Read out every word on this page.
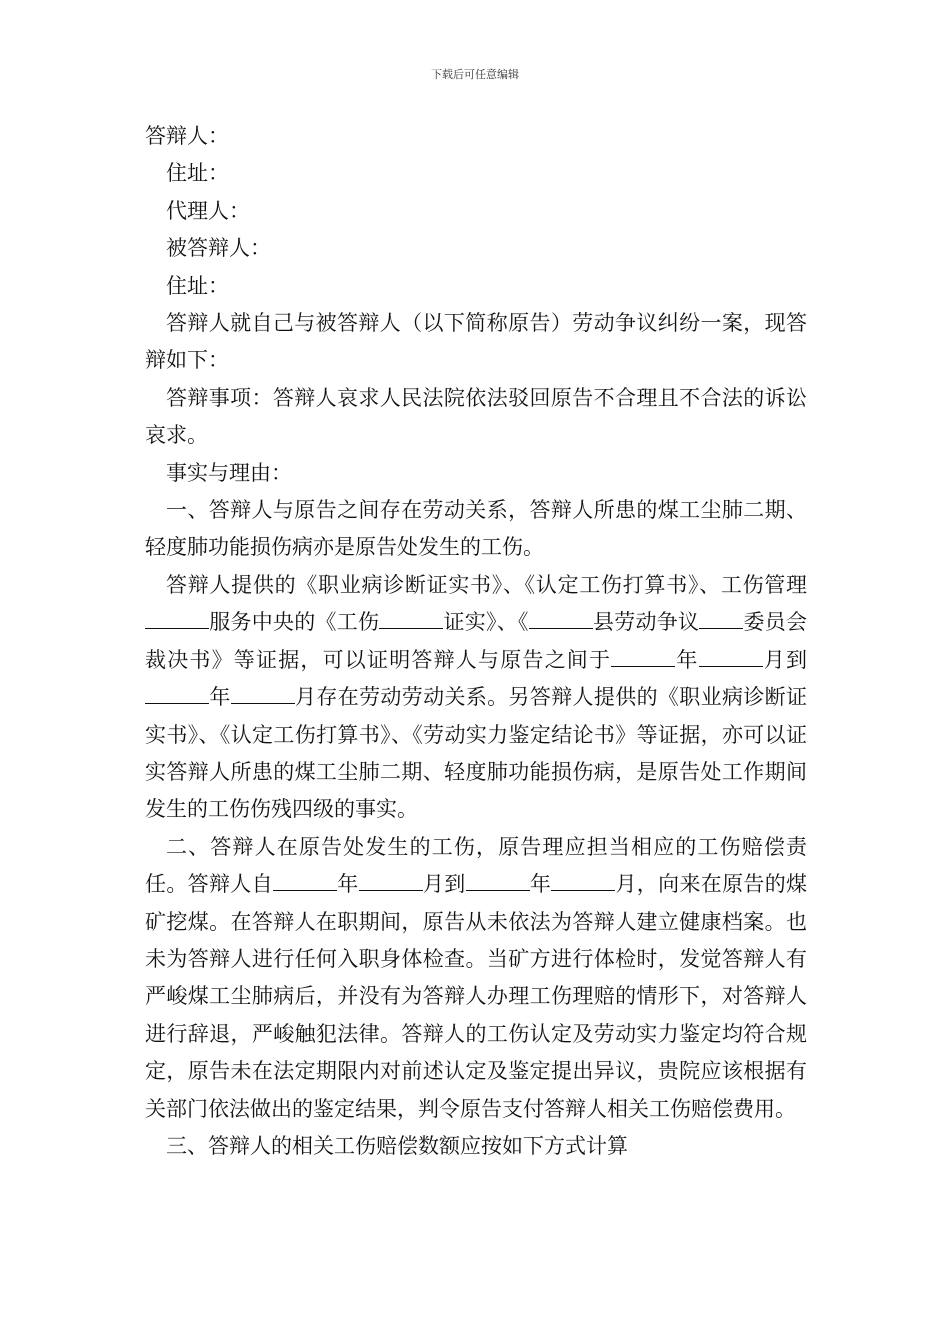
下载后可任意编辑

答辩人：

住址：

代理人：

被答辩人：

住址：

答辩人就自己与被答辩人（以下简称原告）劳动争议纠纷一案，现答辩如下：

答辩事项：答辩人哀求人民法院依法驳回原告不合理且不合法的诉讼哀求。

事实与理由：

一、答辩人与原告之间存在劳动关系，答辩人所患的煤工尘肺二期、轻度肺功能损伤病亦是原告处发生的工伤。

答辩人提供的《职业病诊断证实书》、《认定工伤打算书》、工伤管理服务中央的《工伤	证实》、《	县劳动争议 委员会裁决书》等证据，可以证明答辩人与原告之间于	年	月到年	月存在劳动劳动关系。另答辩人提供的《职业病诊断证实书》、《认定工伤打算书》、《劳动实力鉴定结论书》等证据，亦可以证实答辩人所患的煤工尘肺二期、轻度肺功能损伤病，是原告处工作期间发生的工伤伤残四级的事实。

二、答辩人在原告处发生的工伤，原告理应担当相应的工伤赔偿责任。答辩人自	年	月到	年	月，向来在原告的煤矿挖煤。在答辩人在职期间，原告从未依法为答辩人建立健康档案。也未为答辩人进行任何入职身体检查。当矿方进行体检时，发觉答辩人有严峻煤工尘肺病后，并没有为答辩人办理工伤理赔的情形下，对答辩人进行辞退，严峻触犯法律。答辩人的工伤认定及劳动实力鉴定均符合规定，原告未在法定期限内对前述认定及鉴定提出异议，贵院应该根据有关部门依法做出的鉴定结果，判令原告支付答辩人相关工伤赔偿费用。

三、答辩人的相关工伤赔偿数额应按如下方式计算
